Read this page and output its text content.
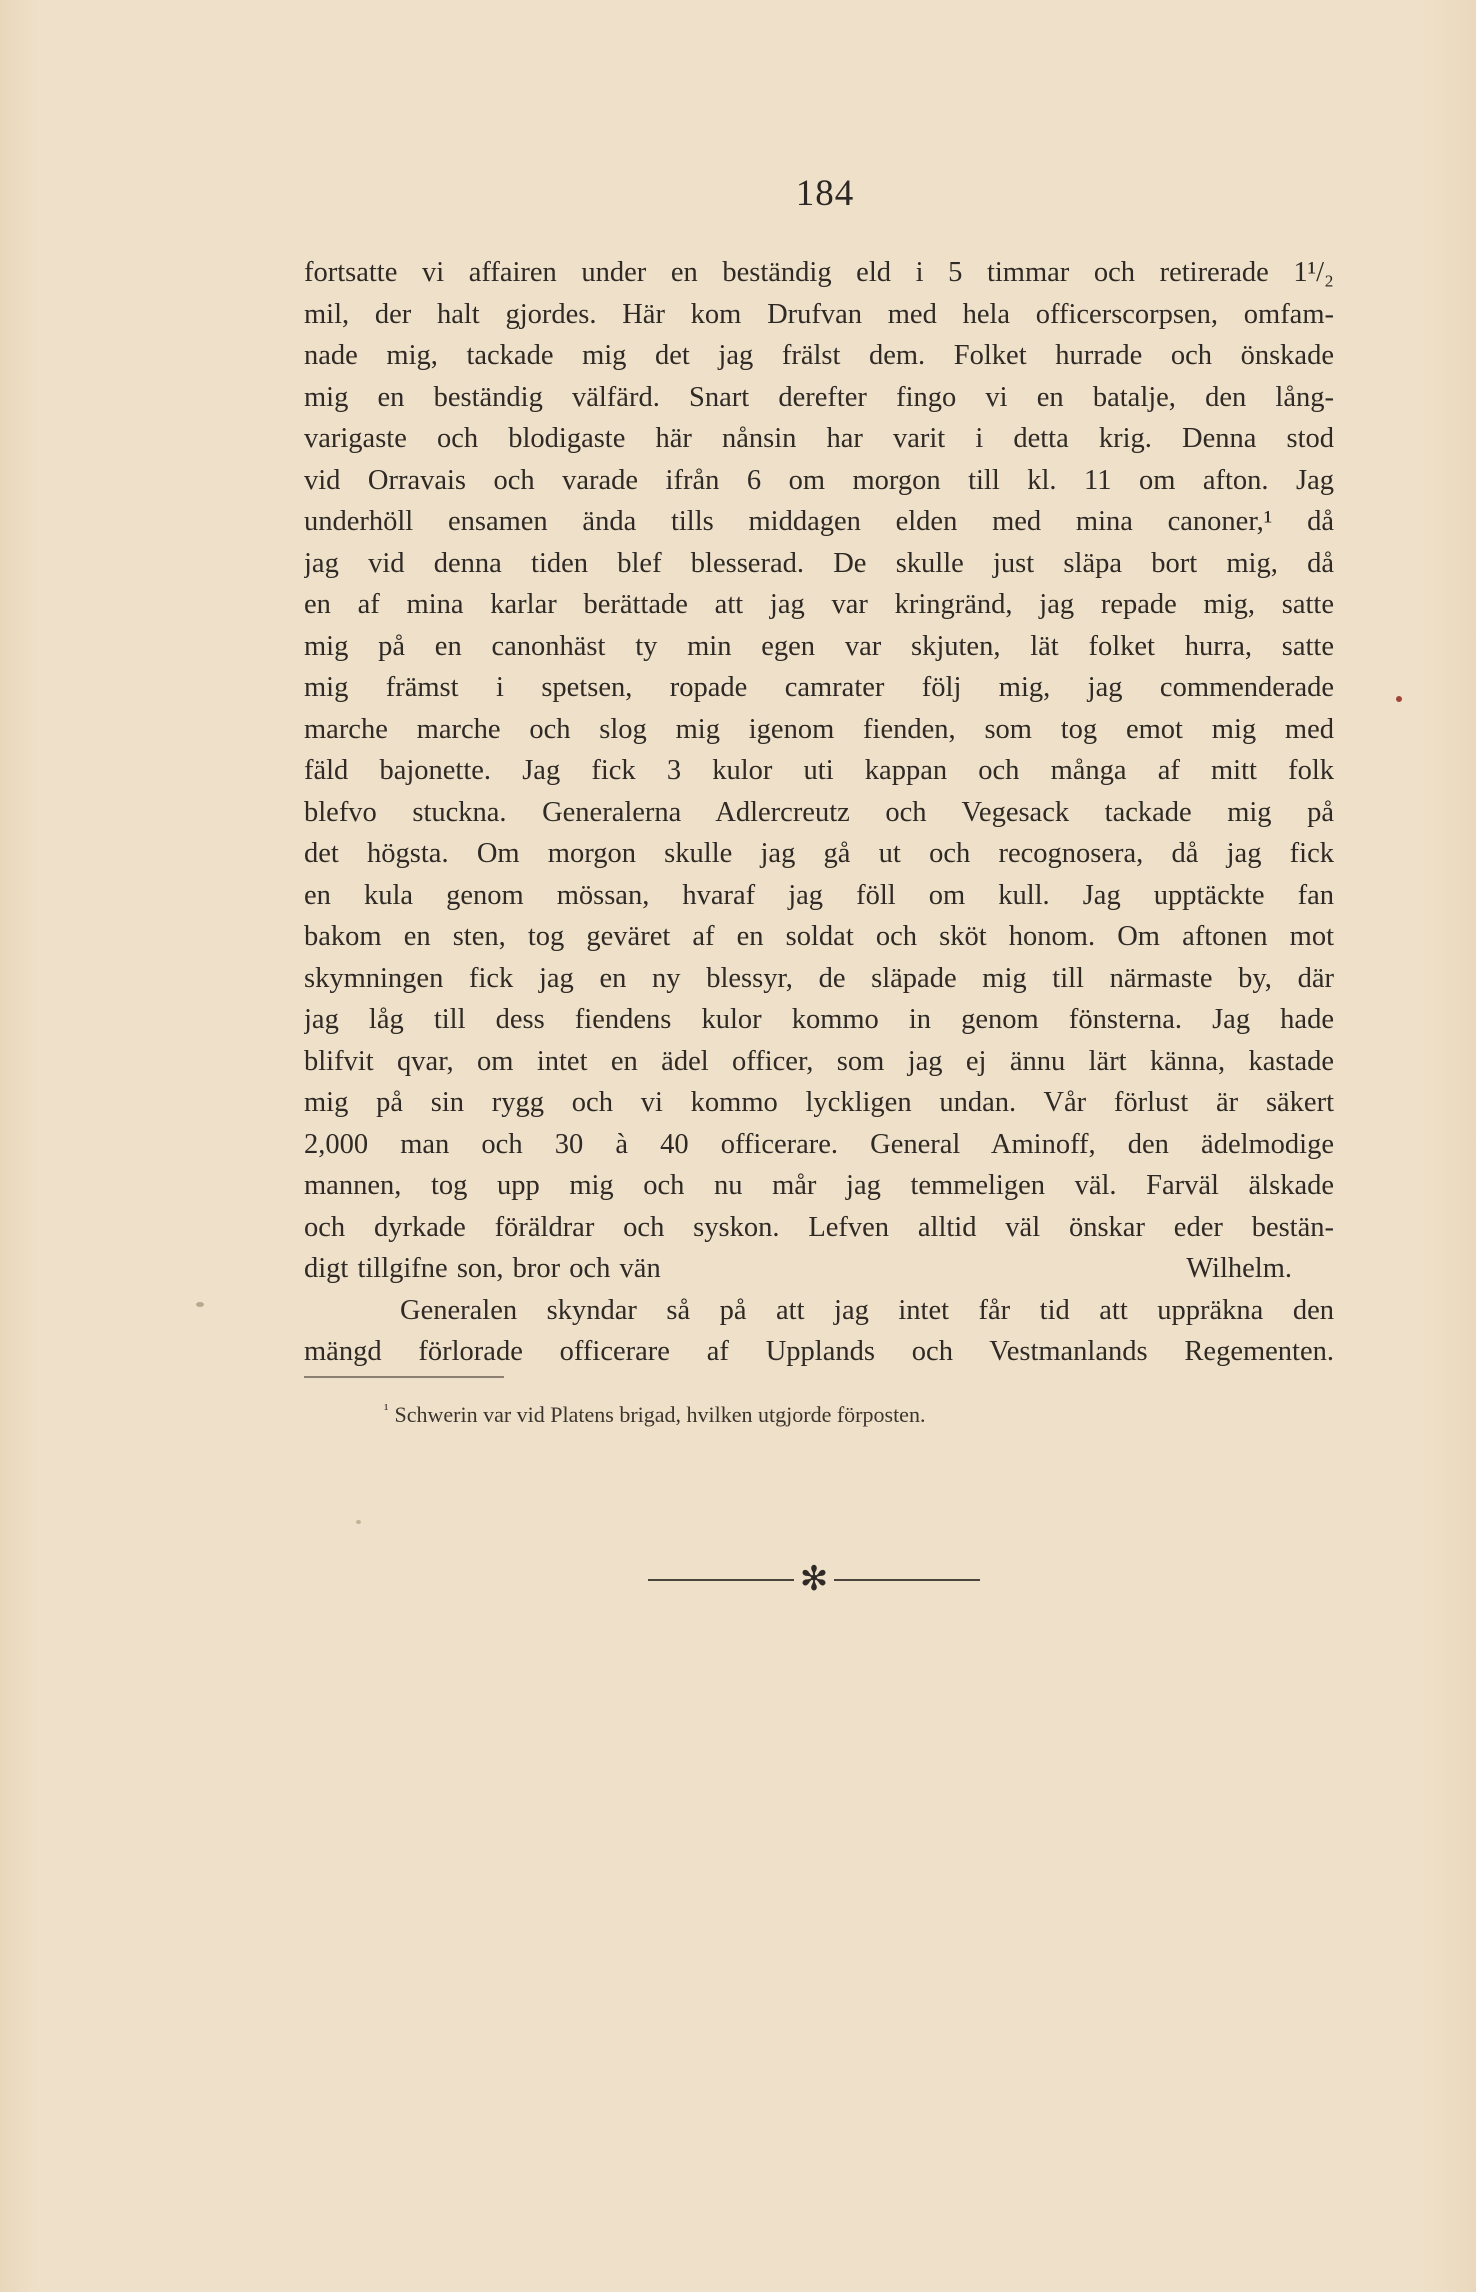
184
fortsatte vi affairen under en beständig eld i 5 timmar och retirerade 1¹/₂
mil, der halt gjordes. Här kom Drufvan med hela officerscorpsen, omfam-
nade mig, tackade mig det jag frälst dem. Folket hurrade och önskade
mig en beständig välfärd. Snart derefter fingo vi en batalje, den lång-
varigaste och blodigaste här nånsin har varit i detta krig. Denna stod
vid Orravais och varade ifrån 6 om morgon till kl. 11 om afton. Jag
underhöll ensamen ända tills middagen elden med mina canoner,¹ då
jag vid denna tiden blef blesserad. De skulle just släpa bort mig, då
en af mina karlar berättade att jag var kringränd, jag repade mig, satte
mig på en canonhäst ty min egen var skjuten, lät folket hurra, satte
mig främst i spetsen, ropade camrater följ mig, jag commenderade
marche marche och slog mig igenom fienden, som tog emot mig med
fäld bajonette. Jag fick 3 kulor uti kappan och många af mitt folk
blefvo stuckna. Generalerna Adlercreutz och Vegesack tackade mig på
det högsta. Om morgon skulle jag gå ut och recognosera, då jag fick
en kula genom mössan, hvaraf jag föll om kull. Jag upptäckte fan
bakom en sten, tog geväret af en soldat och sköt honom. Om aftonen mot
skymningen fick jag en ny blessyr, de släpade mig till närmaste by, där
jag låg till dess fiendens kulor kommo in genom fönsterna. Jag hade
blifvit qvar, om intet en ädel officer, som jag ej ännu lärt känna, kastade
mig på sin rygg och vi kommo lyckligen undan. Vår förlust är säkert
2,000 man och 30 à 40 officerare. General Aminoff, den ädelmodige
mannen, tog upp mig och nu mår jag temmeligen väl. Farväl älskade
och dyrkade föräldrar och syskon. Lefven alltid väl önskar eder bestän-
digt tillgifne son, bror och vän	Wilhelm.
Generalen skyndar så på att jag intet får tid att uppräkna den
mängd förlorade officerare af Upplands och Vestmanlands Regementen.
$^{^1}$ Schwerin var vid Platens brigad, hvilken utgjorde förposten.
✻
